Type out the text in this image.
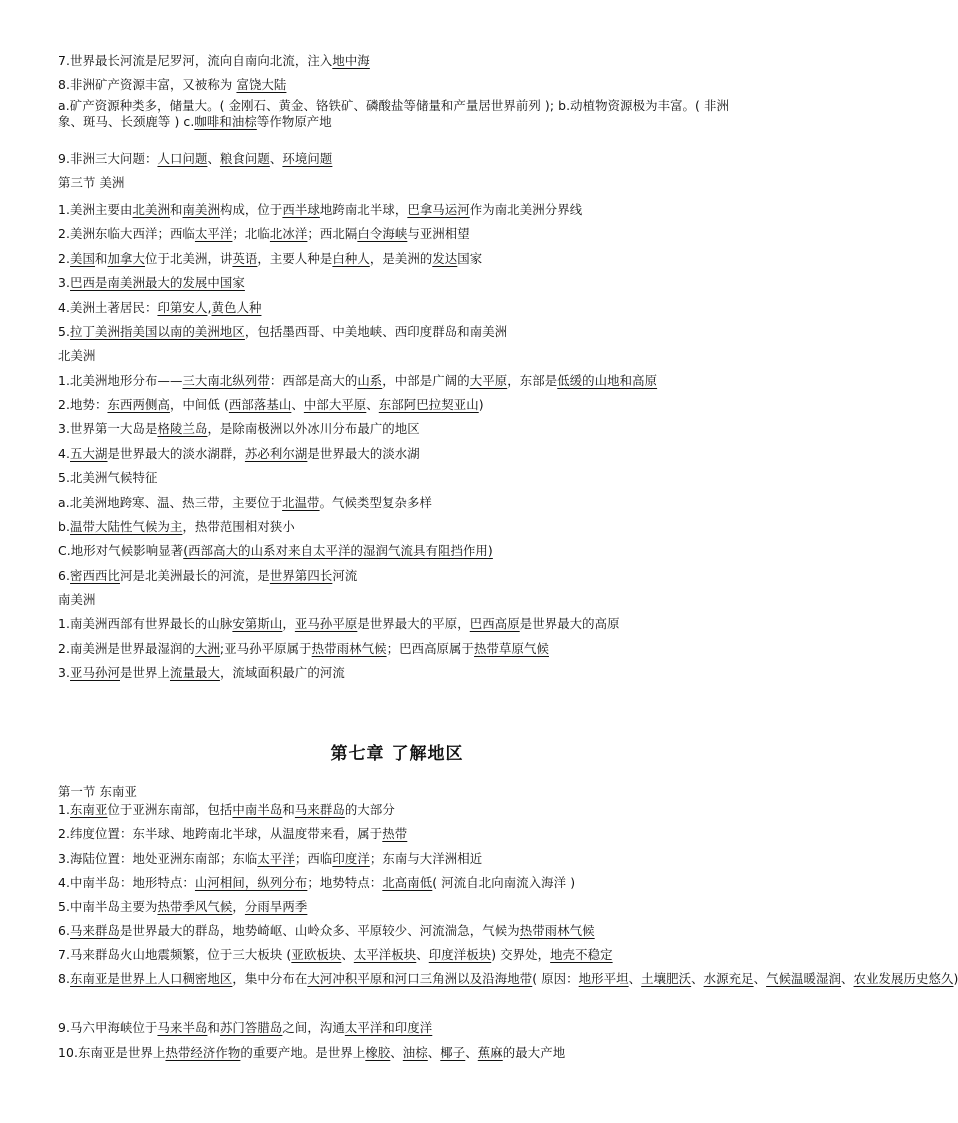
7.世界最长河流是尼罗河，流向自南向北流，注入地中海
8.非洲矿产资源丰富，又被称为 富饶大陆
a.矿产资源种类多，储量大。( 金刚石、黄金、铬铁矿、磷酸盐等储量和产量居世界前列 ); b.动植物资源极为丰富。( 非洲象、斑马、长颈鹿等 ) c.咖啡和油棕等作物原产地
9.非洲三大问题：人口问题、粮食问题、环境问题
第三节 美洲
1.美洲主要由北美洲和南美洲构成，位于西半球地跨南北半球，巴拿马运河作为南北美洲分界线
2.美洲东临大西洋；西临太平洋；北临北冰洋；西北隔白令海峡与亚洲相望
2.美国和加拿大位于北美洲，讲英语，主要人种是白种人，是美洲的发达国家
3.巴西是南美洲最大的发展中国家
4.美洲土著居民：印第安人,黄色人种
5.拉丁美洲指美国以南的美洲地区，包括墨西哥、中美地峡、西印度群岛和南美洲
北美洲
1.北美洲地形分布——三大南北纵列带：西部是高大的山系，中部是广阔的大平原，东部是低缓的山地和高原
2.地势：东西两侧高，中间低 (西部落基山、中部大平原、东部阿巴拉契亚山)
3.世界第一大岛是格陵兰岛，是除南极洲以外冰川分布最广的地区
4.五大湖是世界最大的淡水湖群，苏必利尔湖是世界最大的淡水湖
5.北美洲气候特征
a.北美洲地跨寒、温、热三带，主要位于北温带。气候类型复杂多样
b.温带大陆性气候为主，热带范围相对狭小
C.地形对气候影响显著(西部高大的山系对来自太平洋的湿润气流具有阻挡作用)
6.密西西比河是北美洲最长的河流，是世界第四长河流
南美洲
1.南美洲西部有世界最长的山脉安第斯山，亚马孙平原是世界最大的平原，巴西高原是世界最大的高原
2.南美洲是世界最湿润的大洲;亚马孙平原属于热带雨林气候；巴西高原属于热带草原气候
3.亚马孙河是世界上流量最大，流域面积最广的河流
第一节 东南亚
1.东南亚位于亚洲东南部，包括中南半岛和马来群岛的大部分
2.纬度位置：东半球、地跨南北半球，从温度带来看，属于热带
3.海陆位置：地处亚洲东南部；东临太平洋；西临印度洋；东南与大洋洲相近
4.中南半岛：地形特点：山河相间，纵列分布；地势特点：北高南低( 河流自北向南流入海洋 )
5.中南半岛主要为热带季风气候，分雨旱两季
6.马来群岛是世界最大的群岛，地势崎岖、山岭众多、平原较少、河流湍急，气候为热带雨林气候
7.马来群岛火山地震频繁，位于三大板块 (亚欧板块、太平洋板块、印度洋板块) 交界处，地壳不稳定
8.东南亚是世界上人口稠密地区，集中分布在大河冲积平原和河口三角洲以及沿海地带( 原因：地形平坦、土壤肥沃、水源充足、气候温暖湿润、农业发展历史悠久)
9.马六甲海峡位于马来半岛和苏门答腊岛之间，沟通太平洋和印度洋
10.东南亚是世界上热带经济作物的重要产地。是世界上橡胶、油棕、椰子、蕉麻的最大产地
第七章 了解地区
